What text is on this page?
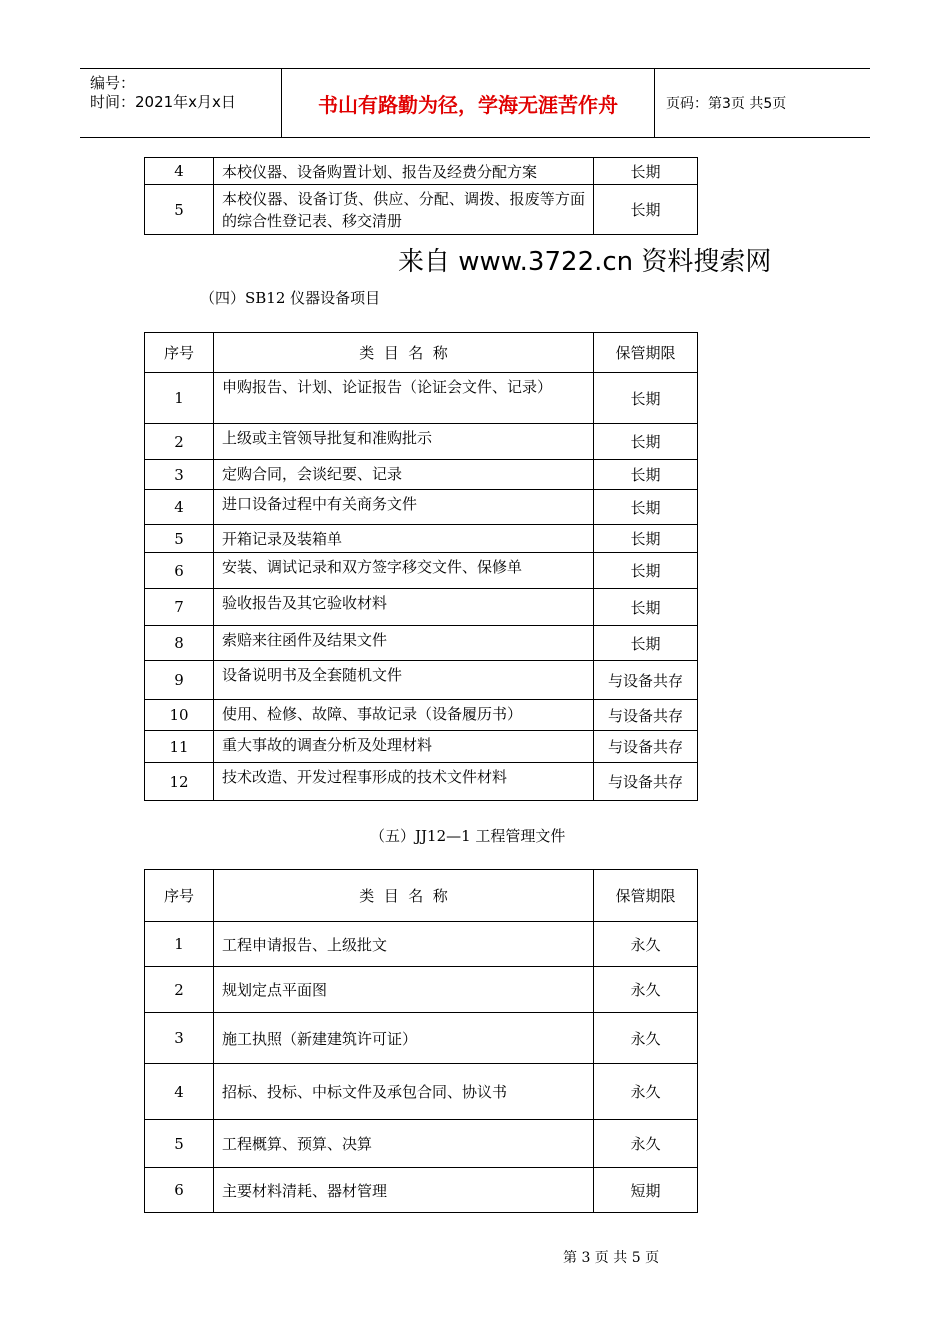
编号：
时间：2021年x月x日	书山有路勤为径，学海无涯苦作舟	页码：第3页 共5页
4	本校仪器、设备购置计划、报告及经费分配方案	长期
5	本校仪器、设备订货、供应、分配、调拨、报废等方面的综合性登记表、移交清册	长期
来自 www.3722.cn 资料搜索网
（四）SB12 仪器设备项目
序号	类  目  名  称	保管期限
1	申购报告、计划、论证报告（论证会文件、记录）	长期
2	上级或主管领导批复和准购批示	长期
3	定购合同，会谈纪要、记录	长期
4	进口设备过程中有关商务文件	长期
5	开箱记录及装箱单	长期
6	安装、调试记录和双方签字移交文件、保修单	长期
7	验收报告及其它验收材料	长期
8	索赔来往函件及结果文件	长期
9	设备说明书及全套随机文件	与设备共存
10	使用、检修、故障、事故记录（设备履历书）	与设备共存
11	重大事故的调查分析及处理材料	与设备共存
12	技术改造、开发过程事形成的技术文件材料	与设备共存
（五）JJ12—1 工程管理文件
序号	类  目  名  称	保管期限
1	工程申请报告、上级批文	永久
2	规划定点平面图	永久
3	施工执照（新建建筑许可证）	永久
4	招标、投标、中标文件及承包合同、协议书	永久
5	工程概算、预算、决算	永久
6	主要材料清耗、器材管理	短期
第 3 页 共 5 页
